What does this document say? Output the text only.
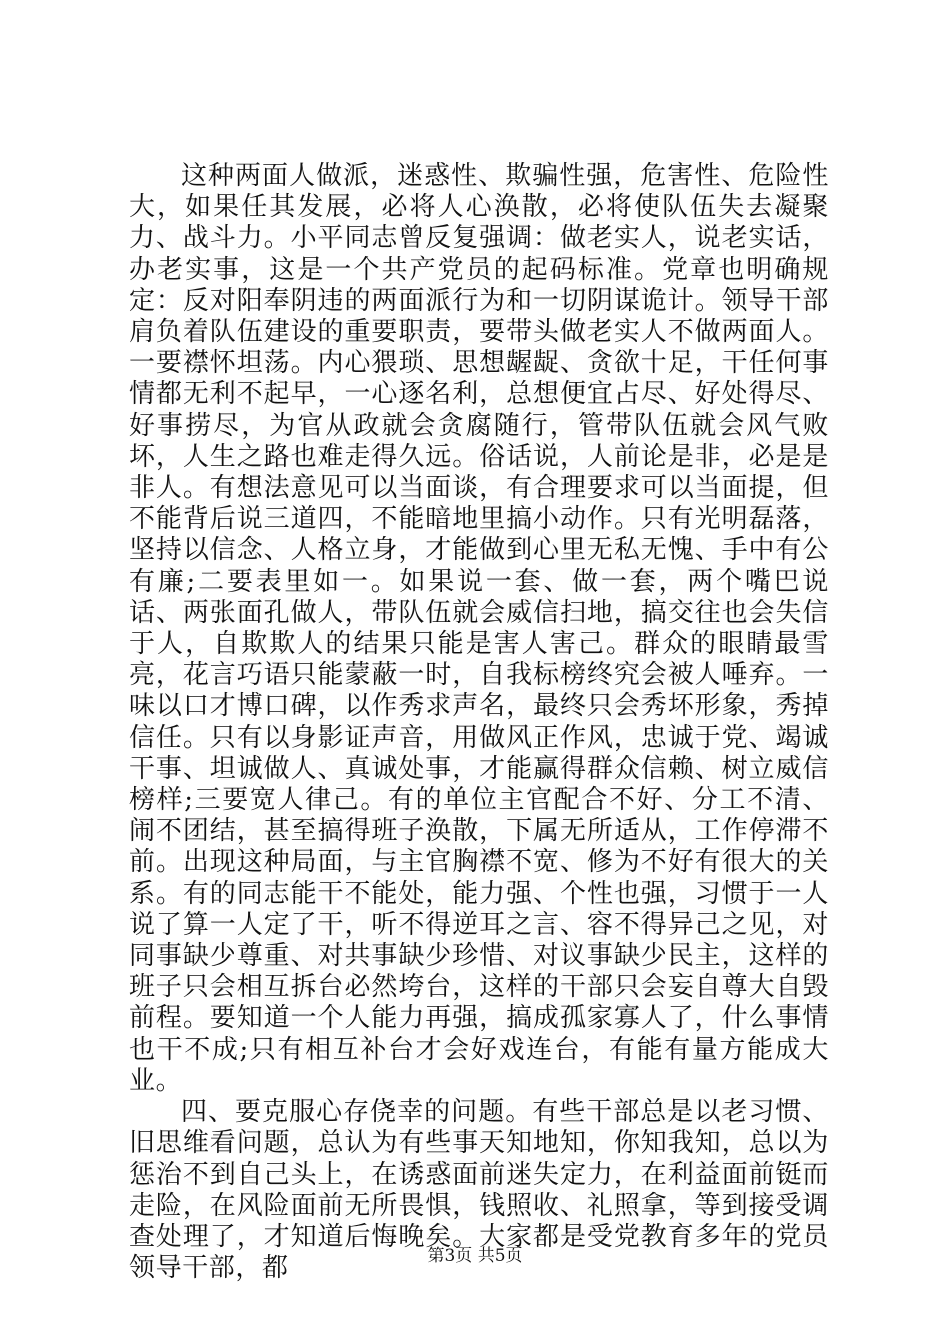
这种两面人做派，迷惑性、欺骗性强，危害性、危险性大，如果任其发展，必将人心涣散，必将使队伍失去凝聚力、战斗力。小平同志曾反复强调：做老实人，说老实话，办老实事，这是一个共产党员的起码标准。党章也明确规定：反对阳奉阴违的两面派行为和一切阴谋诡计。领导干部肩负着队伍建设的重要职责，要带头做老实人不做两面人。一要襟怀坦荡。内心猥琐、思想龌龊、贪欲十足，干任何事情都无利不起早，一心逐名利，总想便宜占尽、好处得尽、好事捞尽，为官从政就会贪腐随行，管带队伍就会风气败坏，人生之路也难走得久远。俗话说，人前论是非，必是是非人。有想法意见可以当面谈，有合理要求可以当面提，但不能背后说三道四，不能暗地里搞小动作。只有光明磊落，坚持以信念、人格立身，才能做到心里无私无愧、手中有公有廉;二要表里如一。如果说一套、做一套，两个嘴巴说话、两张面孔做人，带队伍就会威信扫地，搞交往也会失信于人，自欺欺人的结果只能是害人害己。群众的眼睛最雪亮，花言巧语只能蒙蔽一时，自我标榜终究会被人唾弃。一味以口才博口碑，以作秀求声名，最终只会秀坏形象，秀掉信任。只有以身影证声音，用做风正作风，忠诚于党、竭诚干事、坦诚做人、真诚处事，才能赢得群众信赖、树立威信榜样;三要宽人律己。有的单位主官配合不好、分工不清、闹不团结，甚至搞得班子涣散，下属无所适从，工作停滞不前。出现这种局面，与主官胸襟不宽、修为不好有很大的关系。有的同志能干不能处，能力强、个性也强，习惯于一人说了算一人定了干，听不得逆耳之言、容不得异己之见，对同事缺少尊重、对共事缺少珍惜、对议事缺少民主，这样的班子只会相互拆台必然垮台，这样的干部只会妄自尊大自毁前程。要知道一个人能力再强，搞成孤家寡人了，什么事情也干不成;只有相互补台才会好戏连台，有能有量方能成大业。

四、要克服心存侥幸的问题。有些干部总是以老习惯、旧思维看问题，总认为有些事天知地知，你知我知，总以为惩治不到自己头上，在诱惑面前迷失定力，在利益面前铤而走险，在风险面前无所畏惧，钱照收、礼照拿，等到接受调查处理了，才知道后悔晚矣。大家都是受党教育多年的党员领导干部，都	第3页 共5页
